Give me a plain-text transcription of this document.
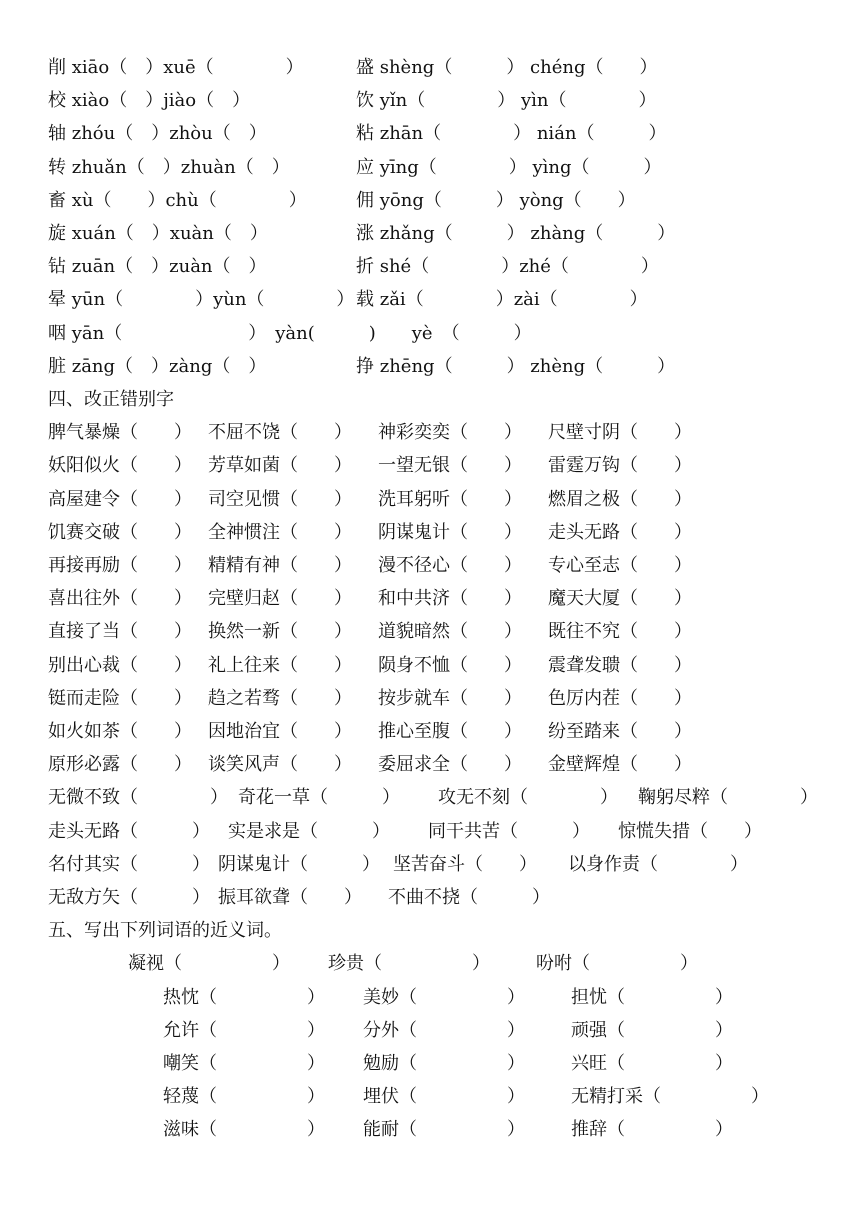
削 xiāo（　）xuē（　　　　）	盛 shèng（　　　） chéng（　　）
校 xiào（　）jiào（　）	饮 yǐn（　　　　） yìn（　　　　）
轴 zhóu（　）zhòu（　）	粘 zhān（　　　　） nián（　　　）
转 zhuǎn（　）zhuàn（　）	应 yīng（　　　　） yìng（　　　）
畜 xù（　　）chù（　　　　）	佣 yōng（　　　） yòng（　　）
旋 xuán（　）xuàn（　）	涨 zhǎng（　　　） zhàng（　　　）
钻 zuān（　）zuàn（　）	折 shé（　　　　）zhé（　　　　）
晕 yūn（　　　　）yùn（　　　　） 载 zǎi（　　　　）zài（　　　　）
咽 yān（　　　　　　　）　yàn(　　　)　　yè　（　　　）
脏 zāng（　）zàng（　）	挣 zhēng（　　　） zhèng（　　　）
四、改正错别字
脾气暴燥（　　） 不屈不饶（　　） 神彩奕奕（　　） 尺壁寸阴（　　）
妖阳似火（　　） 芳草如菌（　　） 一望无银（　　） 雷霆万钩（　　）
高屋建令（　　） 司空见惯（　　） 洗耳躬听（　　） 燃眉之极（　　）
饥赛交破（　　） 全神惯注（　　） 阴谋鬼计（　　） 走头无路（　　）
再接再励（　　） 精精有神（　　） 漫不径心（　　） 专心至志（　　）
喜出往外（　　） 完壁归赵（　　） 和中共济（　　） 魔天大厦（　　）
直接了当（　　） 换然一新（　　） 道貌暗然（　　） 既往不究（　　）
别出心裁（　　） 礼上往来（　　） 陨身不恤（　　） 震聋发聩（　　）
铤而走险（　　） 趋之若骛（　　） 按步就车（　　） 色厉内茬（　　）
如火如茶（　　） 因地治宜（　　） 推心至腹（　　） 纷至踏来（　　）
原形必露（　　） 谈笑风声（　　） 委屈求全（　　） 金壁辉煌（　　）
无微不致（　　　　） 奇花一草（　　　） 攻无不刻（　　　　） 鞠躬尽粹（　　　　）
走头无路（　　　） 实是求是（　　　） 同干共苦（　　　） 惊慌失措（　　）
名付其实（　　　） 阴谋鬼计（　　　） 坚苦奋斗（　　） 以身作责（　　　　）
无敌方矢（　　　） 振耳欲聋（　　） 不曲不挠（　　　）
五、写出下列词语的近义词。
凝视（　　　　　） 珍贵（　　　　　）	吩咐（　　　　　）
热忱（　　　　　） 美妙（　　　　　）	担忧（　　　　　）
允许（　　　　　） 分外（　　　　　）	顽强（　　　　　）
嘲笑（　　　　　） 勉励（　　　　　）	兴旺（　　　　　）
轻蔑（　　　　　） 埋伏（　　　　　）	无精打采（　　　　　）
滋味（　　　　　） 能耐（　　　　　）	推辞（　　　　　）
